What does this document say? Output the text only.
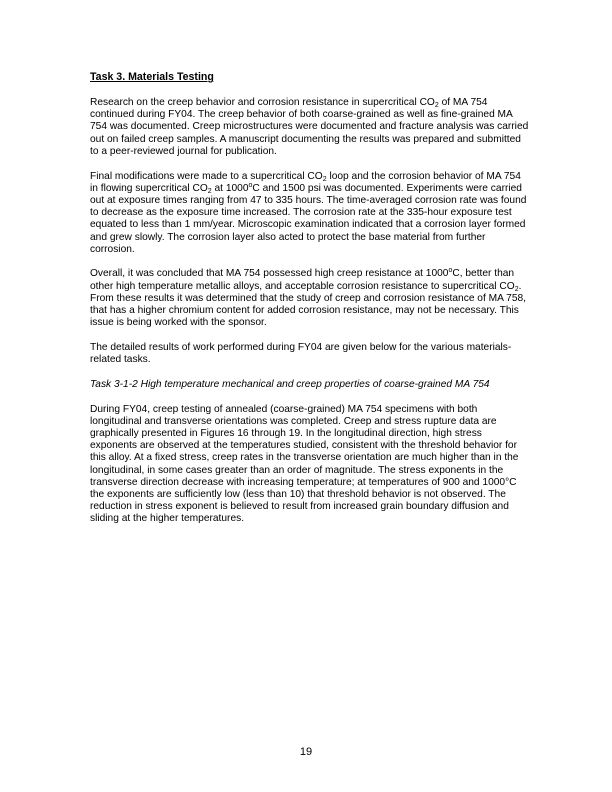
Task 3. Materials Testing

Research on the creep behavior and corrosion resistance in supercritical $CO_2$ of MA 754 continued during FY04. The creep behavior of both coarse-grained as well as fine-grained MA 754 was documented. Creep microstructures were documented and fracture analysis was carried out on failed creep samples. A manuscript documenting the results was prepared and submitted to a peer-reviewed journal for publication.

Final modifications were made to a supercritical $CO_2$ loop and the corrosion behavior of MA 754 in flowing supercritical $CO_2$ at 1000$^o$C and 1500 psi was documented. Experiments were carried out at exposure times ranging from 47 to 335 hours. The time-averaged corrosion rate was found to decrease as the exposure time increased. The corrosion rate at the 335-hour exposure test equated to less than 1 mm/year. Microscopic examination indicated that a corrosion layer formed and grew slowly. The corrosion layer also acted to protect the base material from further corrosion.

Overall, it was concluded that MA 754 possessed high creep resistance at 1000$^o$C, better than other high temperature metallic alloys, and acceptable corrosion resistance to supercritical $CO_2$. From these results it was determined that the study of creep and corrosion resistance of MA 758, that has a higher chromium content for added corrosion resistance, may not be necessary. This issue is being worked with the sponsor.

The detailed results of work performed during FY04 are given below for the various materials-related tasks.

Task 3-1-2 High temperature mechanical and creep properties of coarse-grained MA 754

During FY04, creep testing of annealed (coarse-grained) MA 754 specimens with both longitudinal and transverse orientations was completed. Creep and stress rupture data are graphically presented in Figures 16 through 19. In the longitudinal direction, high stress exponents are observed at the temperatures studied, consistent with the threshold behavior for this alloy. At a fixed stress, creep rates in the transverse orientation are much higher than in the longitudinal, in some cases greater than an order of magnitude. The stress exponents in the transverse direction decrease with increasing temperature; at temperatures of 900 and 1000°C the exponents are sufficiently low (less than 10) that threshold behavior is not observed. The reduction in stress exponent is believed to result from increased grain boundary diffusion and sliding at the higher temperatures.

19
